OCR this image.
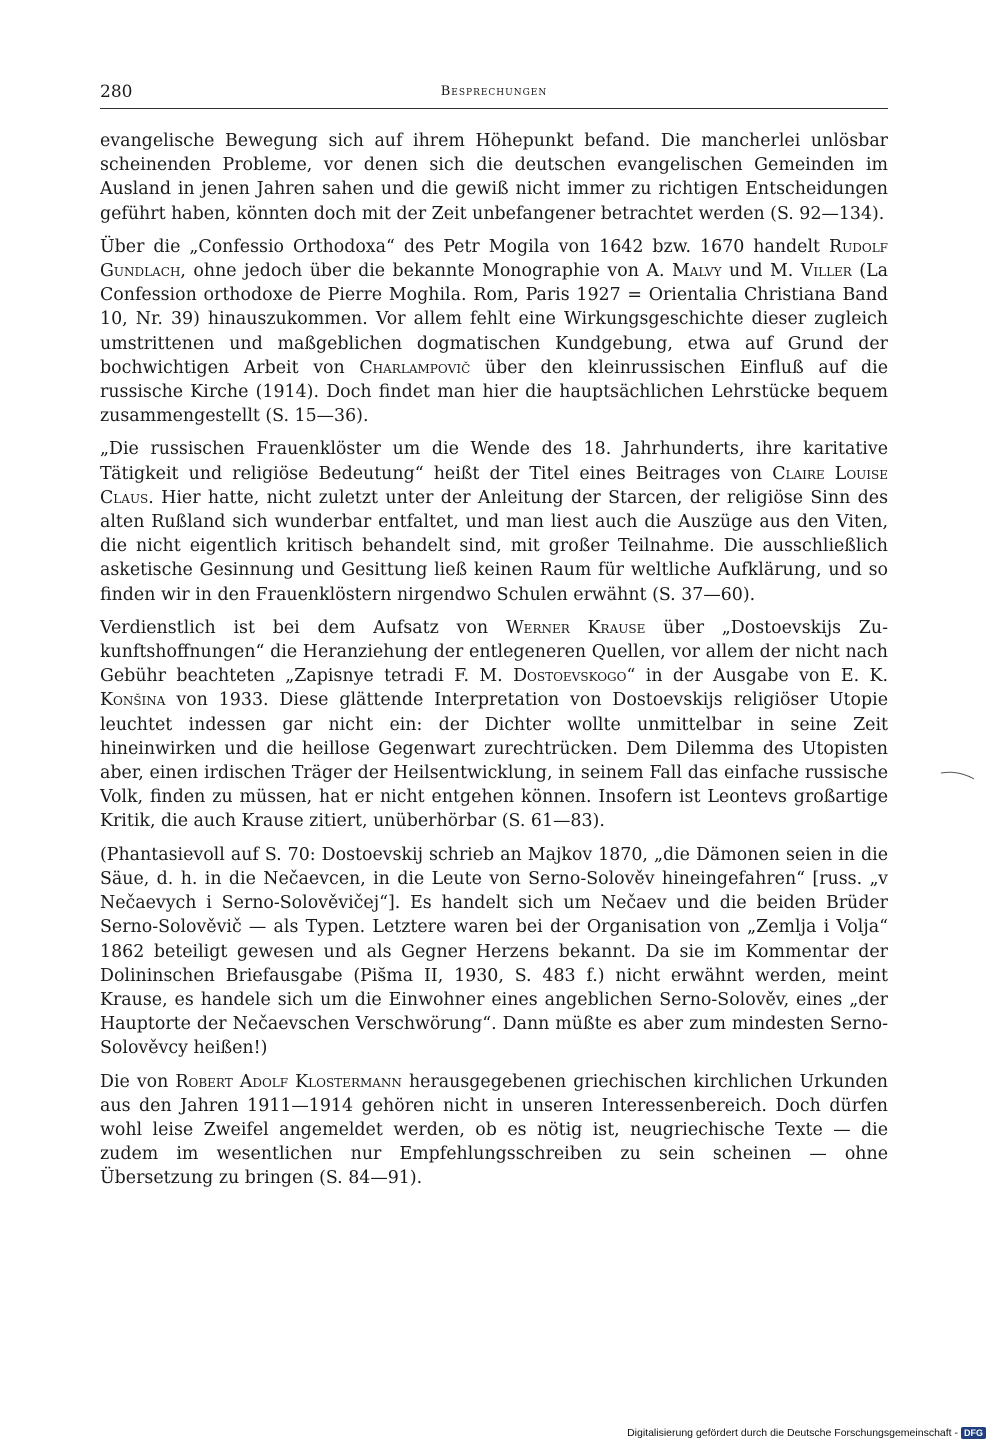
280	Besprechungen

evangelische Bewegung sich auf ihrem Höhepunkt befand. Die mancherlei unlösbar scheinenden Probleme, vor denen sich die deutschen evangelischen Gemeinden im Ausland in jenen Jahren sahen und die gewiß nicht immer zu richtigen Entscheidungen geführt haben, könnten doch mit der Zeit unbefangener betrachtet werden (S. 92—134).

Über die „Confessio Orthodoxa“ des Petr Mogila von 1642 bzw. 1670 handelt Rudolf Gundlach, ohne jedoch über die bekannte Monographie von A. Malvy und M. Viller (La Confession orthodoxe de Pierre Moghila. Rom, Paris 1927 = Orientalia Christiana Band 10, Nr. 39) hinauszukommen. Vor allem fehlt eine Wirkungsgeschichte dieser zugleich umstrittenen und maßgeblichen dogmatischen Kundgebung, etwa auf Grund der bochwichtigen Arbeit von Charlampovič über den kleinrussischen Einfluß auf die russische Kirche (1914). Doch findet man hier die hauptsächlichen Lehrstücke bequem zusammengestellt (S. 15—36).

„Die russischen Frauenklöster um die Wende des 18. Jahrhunderts, ihre karitative Tätigkeit und religiöse Bedeutung“ heißt der Titel eines Beitrages von Claire Louise Claus. Hier hatte, nicht zuletzt unter der Anleitung der Starcen, der religiöse Sinn des alten Rußland sich wunderbar entfaltet, und man liest auch die Auszüge aus den Viten, die nicht eigentlich kritisch behandelt sind, mit großer Teilnahme. Die ausschließlich asketische Gesinnung und Gesittung ließ keinen Raum für weltliche Aufklärung, und so finden wir in den Frauenklöstern nirgendwo Schulen erwähnt (S. 37—60).

Verdienstlich ist bei dem Aufsatz von Werner Krause über „Dostoevskijs Zukunftshoffnungen“ die Heranziehung der entlegeneren Quellen, vor allem der nicht nach Gebühr beachteten „Zapisnye tetradi F. M. Dostoevskogo“ in der Ausgabe von E. K. Konšina von 1933. Diese glättende Interpretation von Dostoevskijs religiöser Utopie leuchtet indessen gar nicht ein: der Dichter wollte unmittelbar in seine Zeit hineinwirken und die heillose Gegenwart zurechtrücken. Dem Dilemma des Utopisten aber, einen irdischen Träger der Heilsentwicklung, in seinem Fall das einfache russische Volk, finden zu müssen, hat er nicht entgehen können. Insofern ist Leontevs großartige Kritik, die auch Krause zitiert, unüberhörbar (S. 61—83).

(Phantasievoll auf S. 70: Dostoevskij schrieb an Majkov 1870, „die Dämonen seien in die Säue, d. h. in die Nečaevcen, in die Leute von Serno-Solověv hineingefahren“ [russ. „v Nečaevych i Serno-Solověvičej“]. Es handelt sich um Nečaev und die beiden Brüder Serno-Solověvič — als Typen. Letztere waren bei der Organisation von „Zemlja i Volja“ 1862 beteiligt gewesen und als Gegner Herzens bekannt. Da sie im Kommentar der Dolininschen Briefausgabe (Pis̆ma II, 1930, S. 483 f.) nicht erwähnt werden, meint Krause, es handele sich um die Einwohner eines angeblichen Serno-Solověv, eines „der Hauptorte der Nečaevschen Verschwörung“. Dann müßte es aber zum mindesten Serno-Solověvcy heißen!)

Die von Robert Adolf Klostermann herausgegebenen griechischen kirchlichen Urkunden aus den Jahren 1911—1914 gehören nicht in unseren Interessenbereich. Doch dürfen wohl leise Zweifel angemeldet werden, ob es nötig ist, neugriechische Texte — die zudem im wesentlichen nur Empfehlungsschreiben zu sein scheinen — ohne Übersetzung zu bringen (S. 84—91).

Digitalisierung gefördert durch die Deutsche Forschungsgemeinschaft - DFG
